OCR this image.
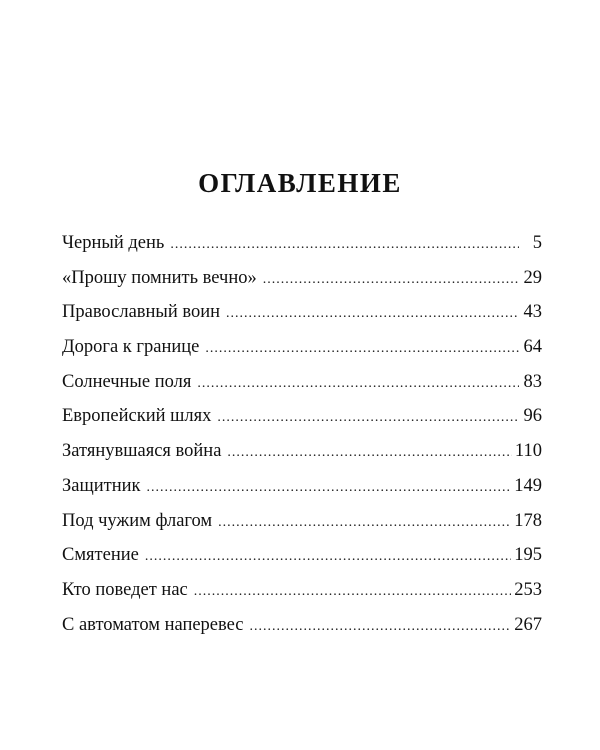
ОГЛАВЛЕНИЕ
Черный день .....	5
«Прошу помнить вечно» .....	29
Православный воин .....	43
Дорога к границе .....	64
Солнечные поля .....	83
Европейский шлях .....	96
Затянувшаяся война .....	110
Защитник .....	149
Под чужим флагом .....	178
Смятение .....	195
Кто поведет нас .....	253
С автоматом наперевес .....	267
